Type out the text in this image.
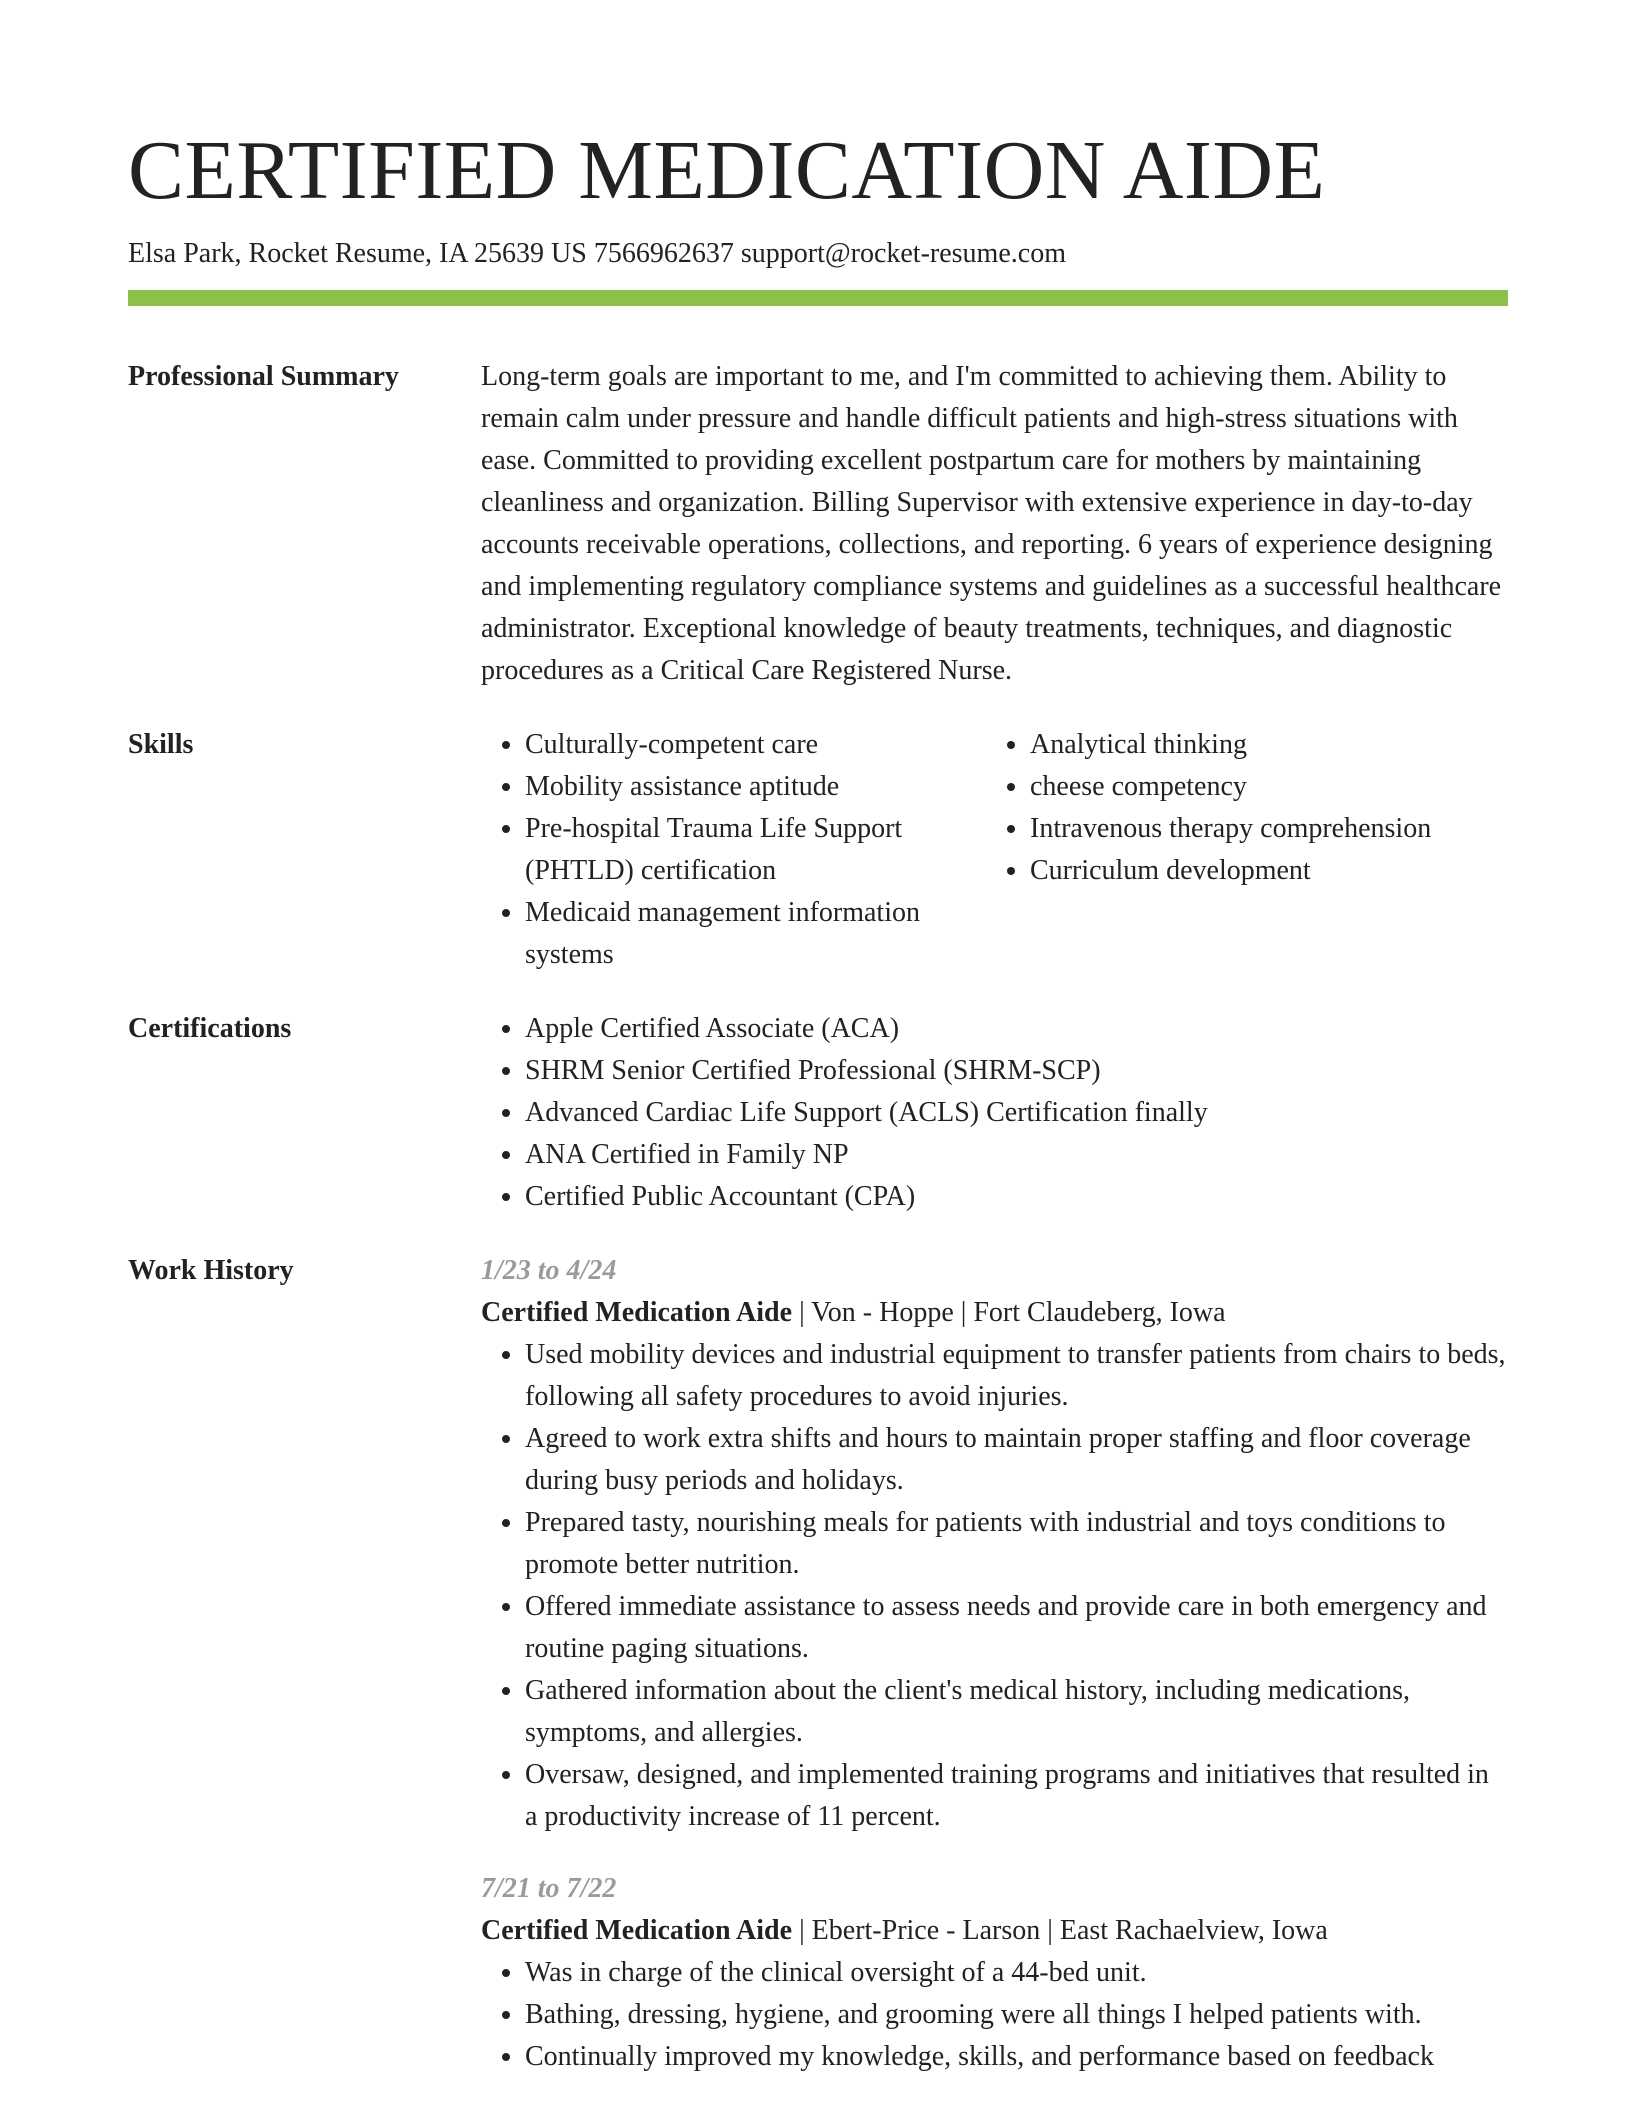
CERTIFIED MEDICATION AIDE
Elsa Park, Rocket Resume, IA 25639 US 7566962637 support@rocket-resume.com
Professional Summary	Long-term goals are important to me, and I'm committed to achieving them. Ability to remain calm under pressure and handle difficult patients and high-stress situations with ease. Committed to providing excellent postpartum care for mothers by maintaining cleanliness and organization. Billing Supervisor with extensive experience in day-to-day accounts receivable operations, collections, and reporting. 6 years of experience designing and implementing regulatory compliance systems and guidelines as a successful healthcare administrator. Exceptional knowledge of beauty treatments, techniques, and diagnostic procedures as a Critical Care Registered Nurse.

Skills	• Culturally-competent care
• Mobility assistance aptitude
• Pre-hospital Trauma Life Support (PHTLD) certification
• Medicaid management information systems
• Analytical thinking
• cheese competency
• Intravenous therapy comprehension
• Curriculum development
Certifications	• Apple Certified Associate (ACA)
• SHRM Senior Certified Professional (SHRM-SCP)
• Advanced Cardiac Life Support (ACLS) Certification finally
• ANA Certified in Family NP
• Certified Public Accountant (CPA)
Work History	1/23 to 4/24
Certified Medication Aide | Von - Hoppe | Fort Claudeberg, Iowa
• Used mobility devices and industrial equipment to transfer patients from chairs to beds, following all safety procedures to avoid injuries.
• Agreed to work extra shifts and hours to maintain proper staffing and floor coverage during busy periods and holidays.
• Prepared tasty, nourishing meals for patients with industrial and toys conditions to promote better nutrition.
• Offered immediate assistance to assess needs and provide care in both emergency and routine paging situations.
• Gathered information about the client's medical history, including medications, symptoms, and allergies.
• Oversaw, designed, and implemented training programs and initiatives that resulted in a productivity increase of 11 percent.
7/21 to 7/22
Certified Medication Aide | Ebert-Price - Larson | East Rachaelview, Iowa
• Was in charge of the clinical oversight of a 44-bed unit.
• Bathing, dressing, hygiene, and grooming were all things I helped patients with.
• Continually improved my knowledge, skills, and performance based on feedback
